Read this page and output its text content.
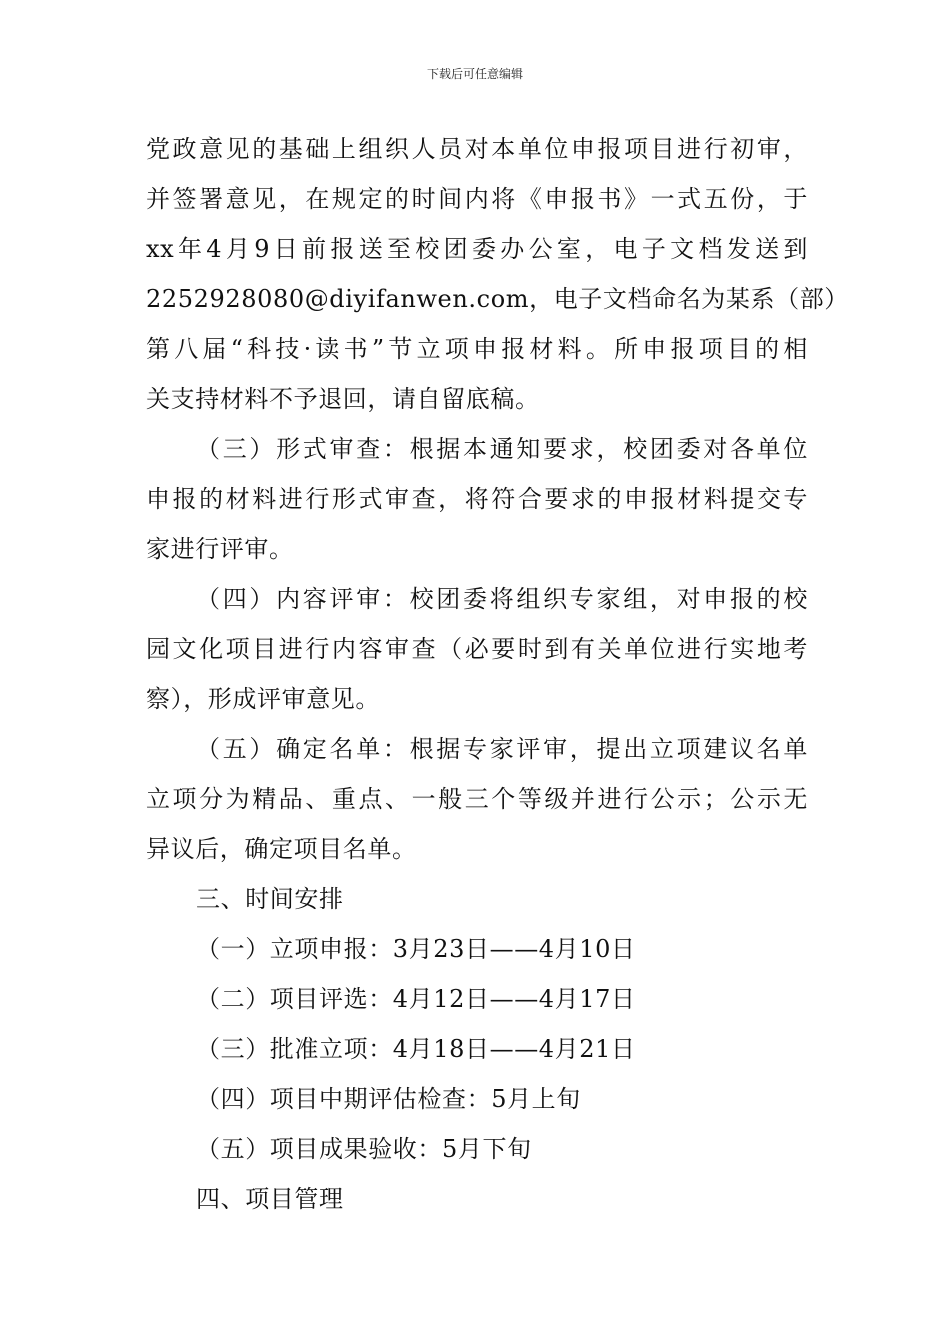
下载后可任意编辑
党政意见的基础上组织人员对本单位申报项目进行初审，
并签署意见，在规定的时间内将《申报书》一式五份，于
xx年4月9日前报送至校团委办公室，电子文档发送到
2252928080@diyifanwen.com，电子文档命名为某系（部）
第八届“科技·读书”节立项申报材料。所申报项目的相
关支持材料不予退回，请自留底稿。
（三）形式审查：根据本通知要求，校团委对各单位
申报的材料进行形式审查，将符合要求的申报材料提交专
家进行评审。
（四）内容评审：校团委将组织专家组，对申报的校
园文化项目进行内容审查（必要时到有关单位进行实地考
察），形成评审意见。
（五）确定名单：根据专家评审，提出立项建议名单
立项分为精品、重点、一般三个等级并进行公示；公示无
异议后，确定项目名单。
三、时间安排
（一）立项申报：3月23日——4月10日
（二）项目评选：4月12日——4月17日
（三）批准立项：4月18日——4月21日
（四）项目中期评估检查：5月上旬
（五）项目成果验收：5月下旬
四、项目管理
